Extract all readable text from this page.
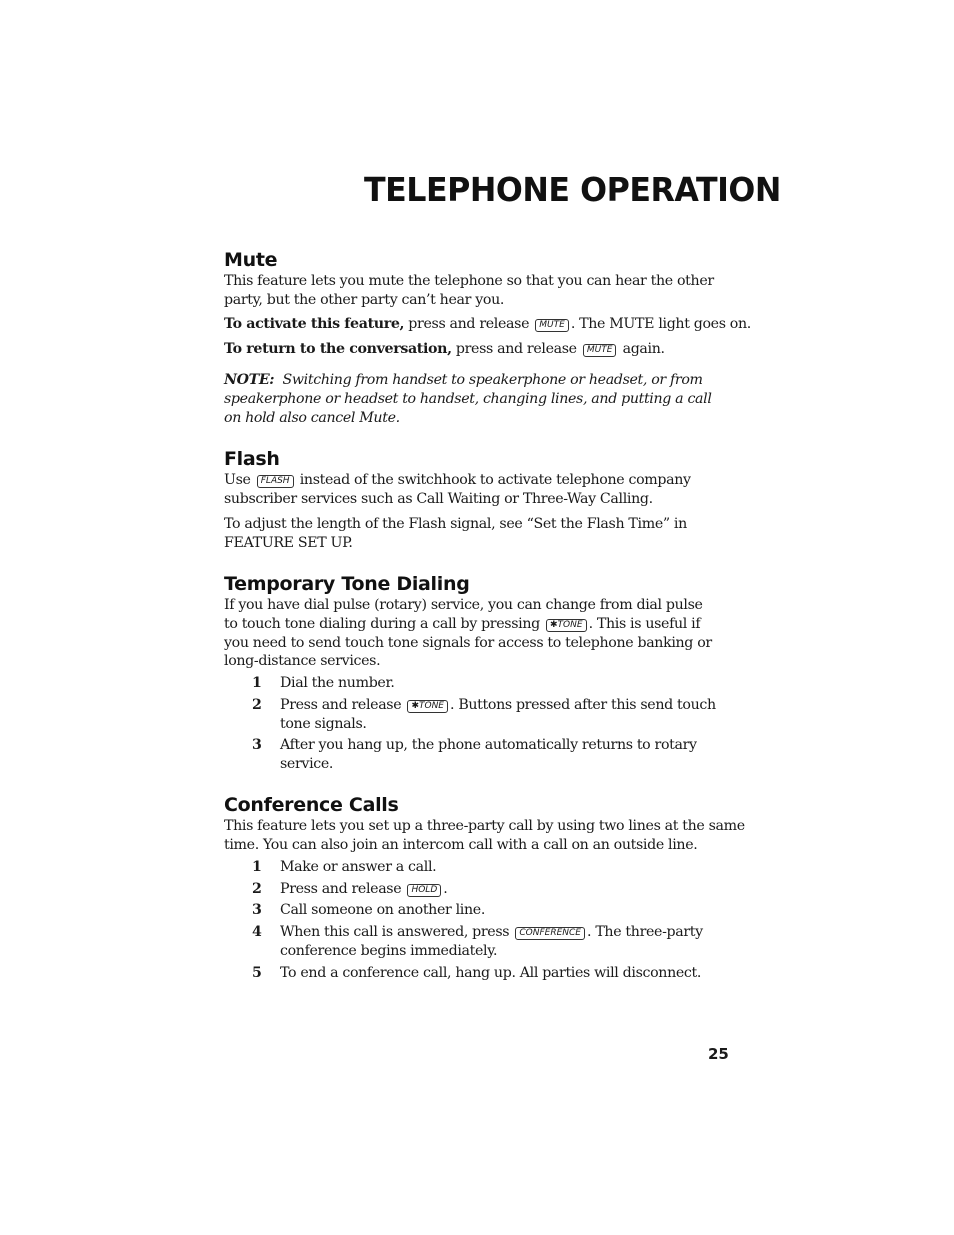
TELEPHONE OPERATION
Mute
This feature lets you mute the telephone so that you can hear the other
party, but the other party can’t hear you.
To activate this feature, press and release MUTE . The MUTE light goes on.
To return to the conversation, press and release MUTE again.
NOTE: Switching from handset to speakerphone or headset, or from
speakerphone or headset to handset, changing lines, and putting a call
on hold also cancel Mute.
Flash
Use FLASH instead of the switchhook to activate telephone company
subscriber services such as Call Waiting or Three-Way Calling.
To adjust the length of the Flash signal, see “Set the Flash Time” in
FEATURE SET UP.
Temporary Tone Dialing
If you have dial pulse (rotary) service, you can change from dial pulse
to touch tone dialing during a call by pressing ✱TONE . This is useful if
you need to send touch tone signals for access to telephone banking or
long-distance services.
1 Dial the number.
2 Press and release ✱TONE . Buttons pressed after this send touch
tone signals.
3 After you hang up, the phone automatically returns to rotary
service.
Conference Calls
This feature lets you set up a three-party call by using two lines at the same
time. You can also join an intercom call with a call on an outside line.
1 Make or answer a call.
2 Press and release HOLD .
3 Call someone on another line.
4 When this call is answered, press CONFERENCE . The three-party
conference begins immediately.
5 To end a conference call, hang up. All parties will disconnect.
25
